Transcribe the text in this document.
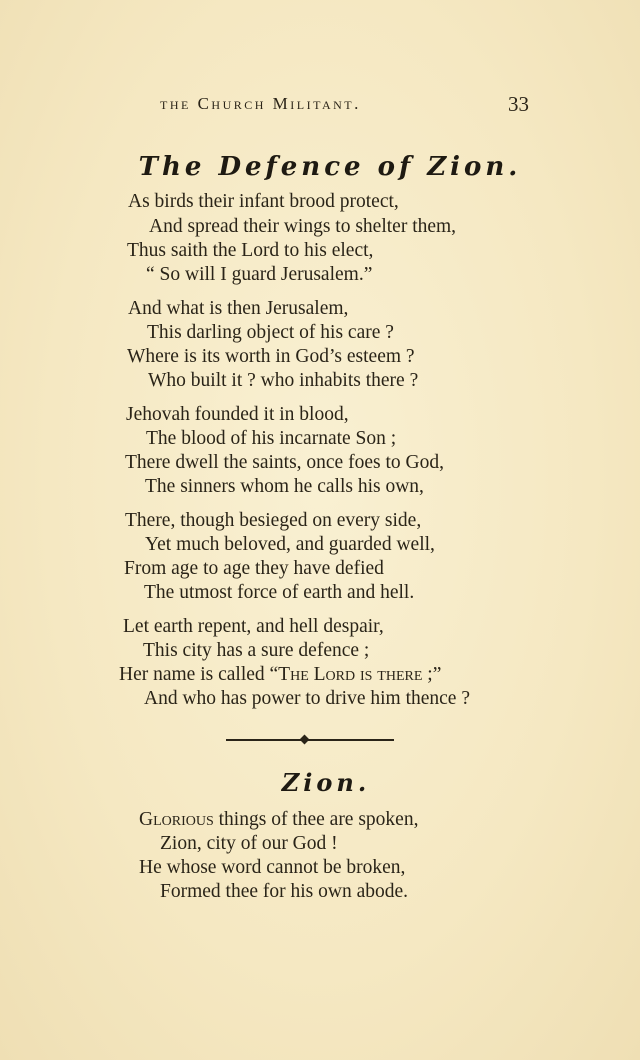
the Church Militant.	33
The Defence of Zion.
As birds their infant brood protect,
And spread their wings to shelter them,
Thus saith the Lord to his elect,
“ So will I guard Jerusalem.”
And what is then Jerusalem,
This darling object of his care ?
Where is its worth in God’s esteem ?
Who built it ? who inhabits there ?
Jehovah founded it in blood,
The blood of his incarnate Son ;
There dwell the saints, once foes to God,
The sinners whom he calls his own,
There, though besieged on every side,
Yet much beloved, and guarded well,
From age to age they have defied
The utmost force of earth and hell.
Let earth repent, and hell despair,
This city has a sure defence ;
Her name is called “The Lord is there ;”
And who has power to drive him thence ?
Zion.
Glorious things of thee are spoken,
Zion, city of our God !
He whose word cannot be broken,
Formed thee for his own abode.
